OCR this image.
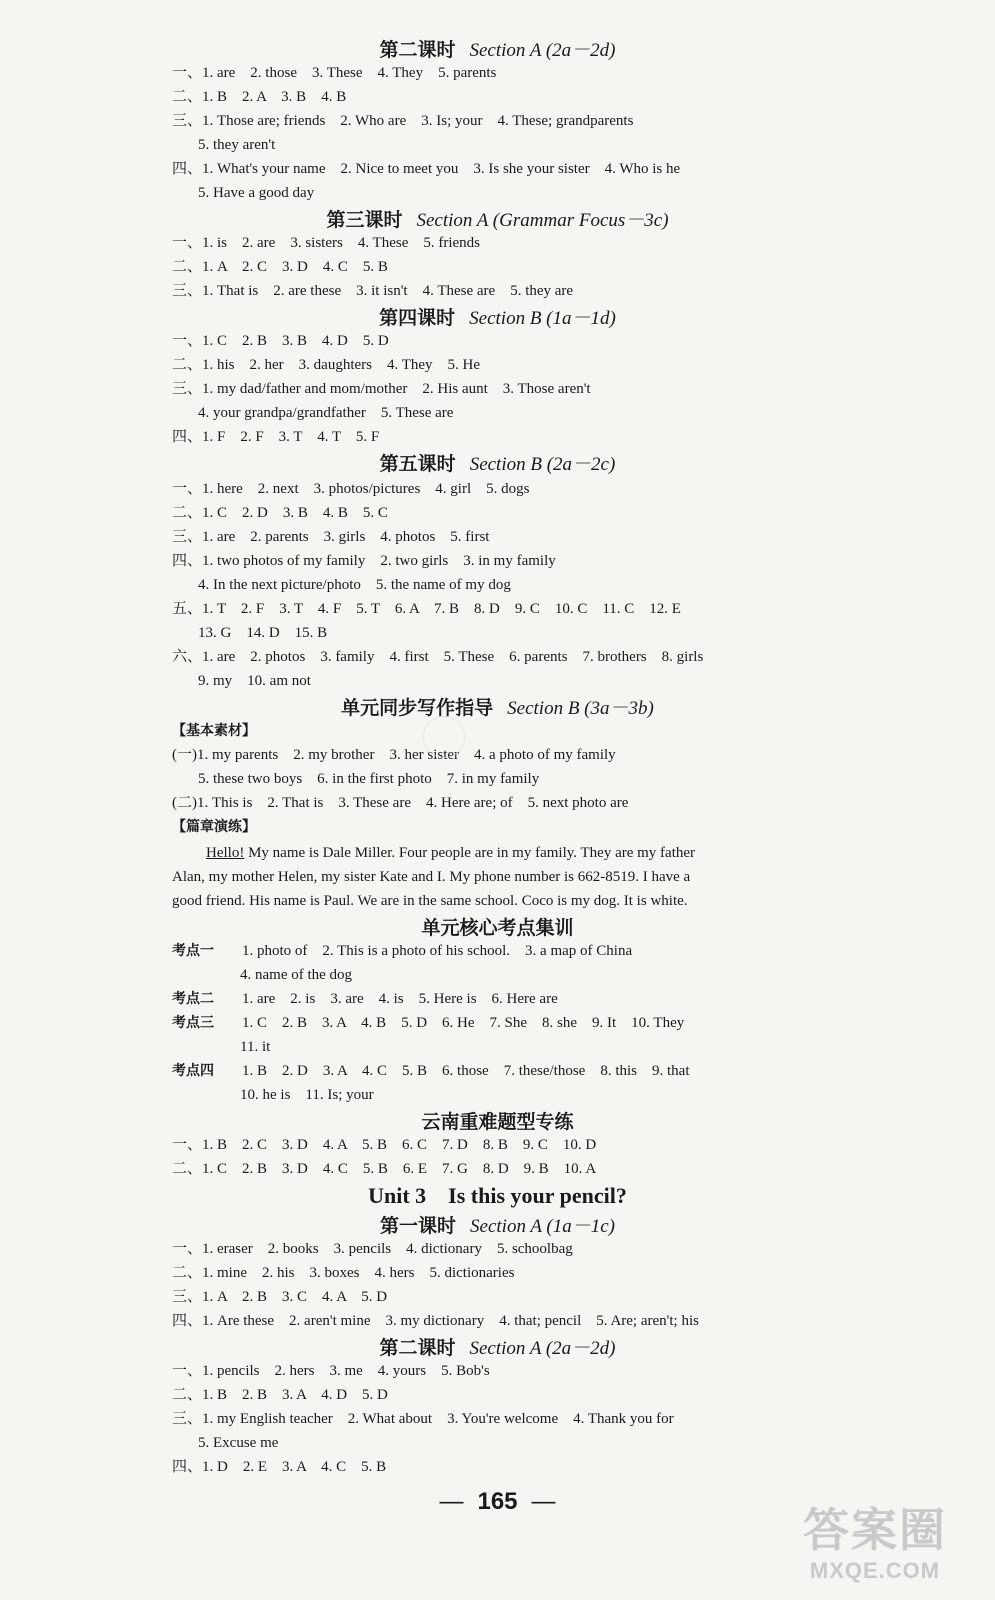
第二课时 Section A (2a－2d)
一、1. are　2. those　3. These　4. They　5. parents
二、1. B　2. A　3. B　4. B
三、1. Those are; friends　2. Who are　3. Is; your　4. These; grandparents
5. they aren't
四、1. What's your name　2. Nice to meet you　3. Is she your sister　4. Who is he
5. Have a good day
第三课时 Section A (Grammar Focus－3c)
一、1. is　2. are　3. sisters　4. These　5. friends
二、1. A　2. C　3. D　4. C　5. B
三、1. That is　2. are these　3. it isn't　4. These are　5. they are
第四课时 Section B (1a－1d)
一、1. C　2. B　3. B　4. D　5. D
二、1. his　2. her　3. daughters　4. They　5. He
三、1. my dad/father and mom/mother　2. His aunt　3. Those aren't
4. your grandpa/grandfather　5. These are
四、1. F　2. F　3. T　4. T　5. F
第五课时 Section B (2a－2c)
一、1. here　2. next　3. photos/pictures　4. girl　5. dogs
二、1. C　2. D　3. B　4. B　5. C
三、1. are　2. parents　3. girls　4. photos　5. first
四、1. two photos of my family　2. two girls　3. in my family
4. In the next picture/photo　5. the name of my dog
五、1. T　2. F　3. T　4. F　5. T　6. A　7. B　8. D　9. C　10. C　11. C　12. E
13. G　14. D　15. B
六、1. are　2. photos　3. family　4. first　5. These　6. parents　7. brothers　8. girls
9. my　10. am not
单元同步写作指导 Section B (3a－3b)
【基本素材】
(一)1. my parents　2. my brother　3. her sister　4. a photo of my family
5. these two boys　6. in the first photo　7. in my family
(二)1. This is　2. That is　3. These are　4. Here are; of　5. next photo are
【篇章演练】
Hello! My name is Dale Miller. Four people are in my family. They are my father
Alan, my mother Helen, my sister Kate and I. My phone number is 662-8519. I have a
good friend. His name is Paul. We are in the same school. Coco is my dog. It is white.
单元核心考点集训
考点一 1. photo of　2. This is a photo of his school.　3. a map of China
4. name of the dog
考点二 1. are　2. is　3. are　4. is　5. Here is　6. Here are
考点三 1. C　2. B　3. A　4. B　5. D　6. He　7. She　8. she　9. It　10. They
11. it
考点四 1. B　2. D　3. A　4. C　5. B　6. those　7. these/those　8. this　9. that
10. he is　11. Is; your
云南重难题型专练
一、1. B　2. C　3. D　4. A　5. B　6. C　7. D　8. B　9. C　10. D
二、1. C　2. B　3. D　4. C　5. B　6. E　7. G　8. D　9. B　10. A
Unit 3　Is this your pencil?
第一课时 Section A (1a－1c)
一、1. eraser　2. books　3. pencils　4. dictionary　5. schoolbag
二、1. mine　2. his　3. boxes　4. hers　5. dictionaries
三、1. A　2. B　3. C　4. A　5. D
四、1. Are these　2. aren't mine　3. my dictionary　4. that; pencil　5. Are; aren't; his
第二课时 Section A (2a－2d)
一、1. pencils　2. hers　3. me　4. yours　5. Bob's
二、1. B　2. B　3. A　4. D　5. D
三、1. my English teacher　2. What about　3. You're welcome　4. Thank you for
5. Excuse me
四、1. D　2. E　3. A　4. C　5. B
— 165 —
答案圈
MXQE.COM
